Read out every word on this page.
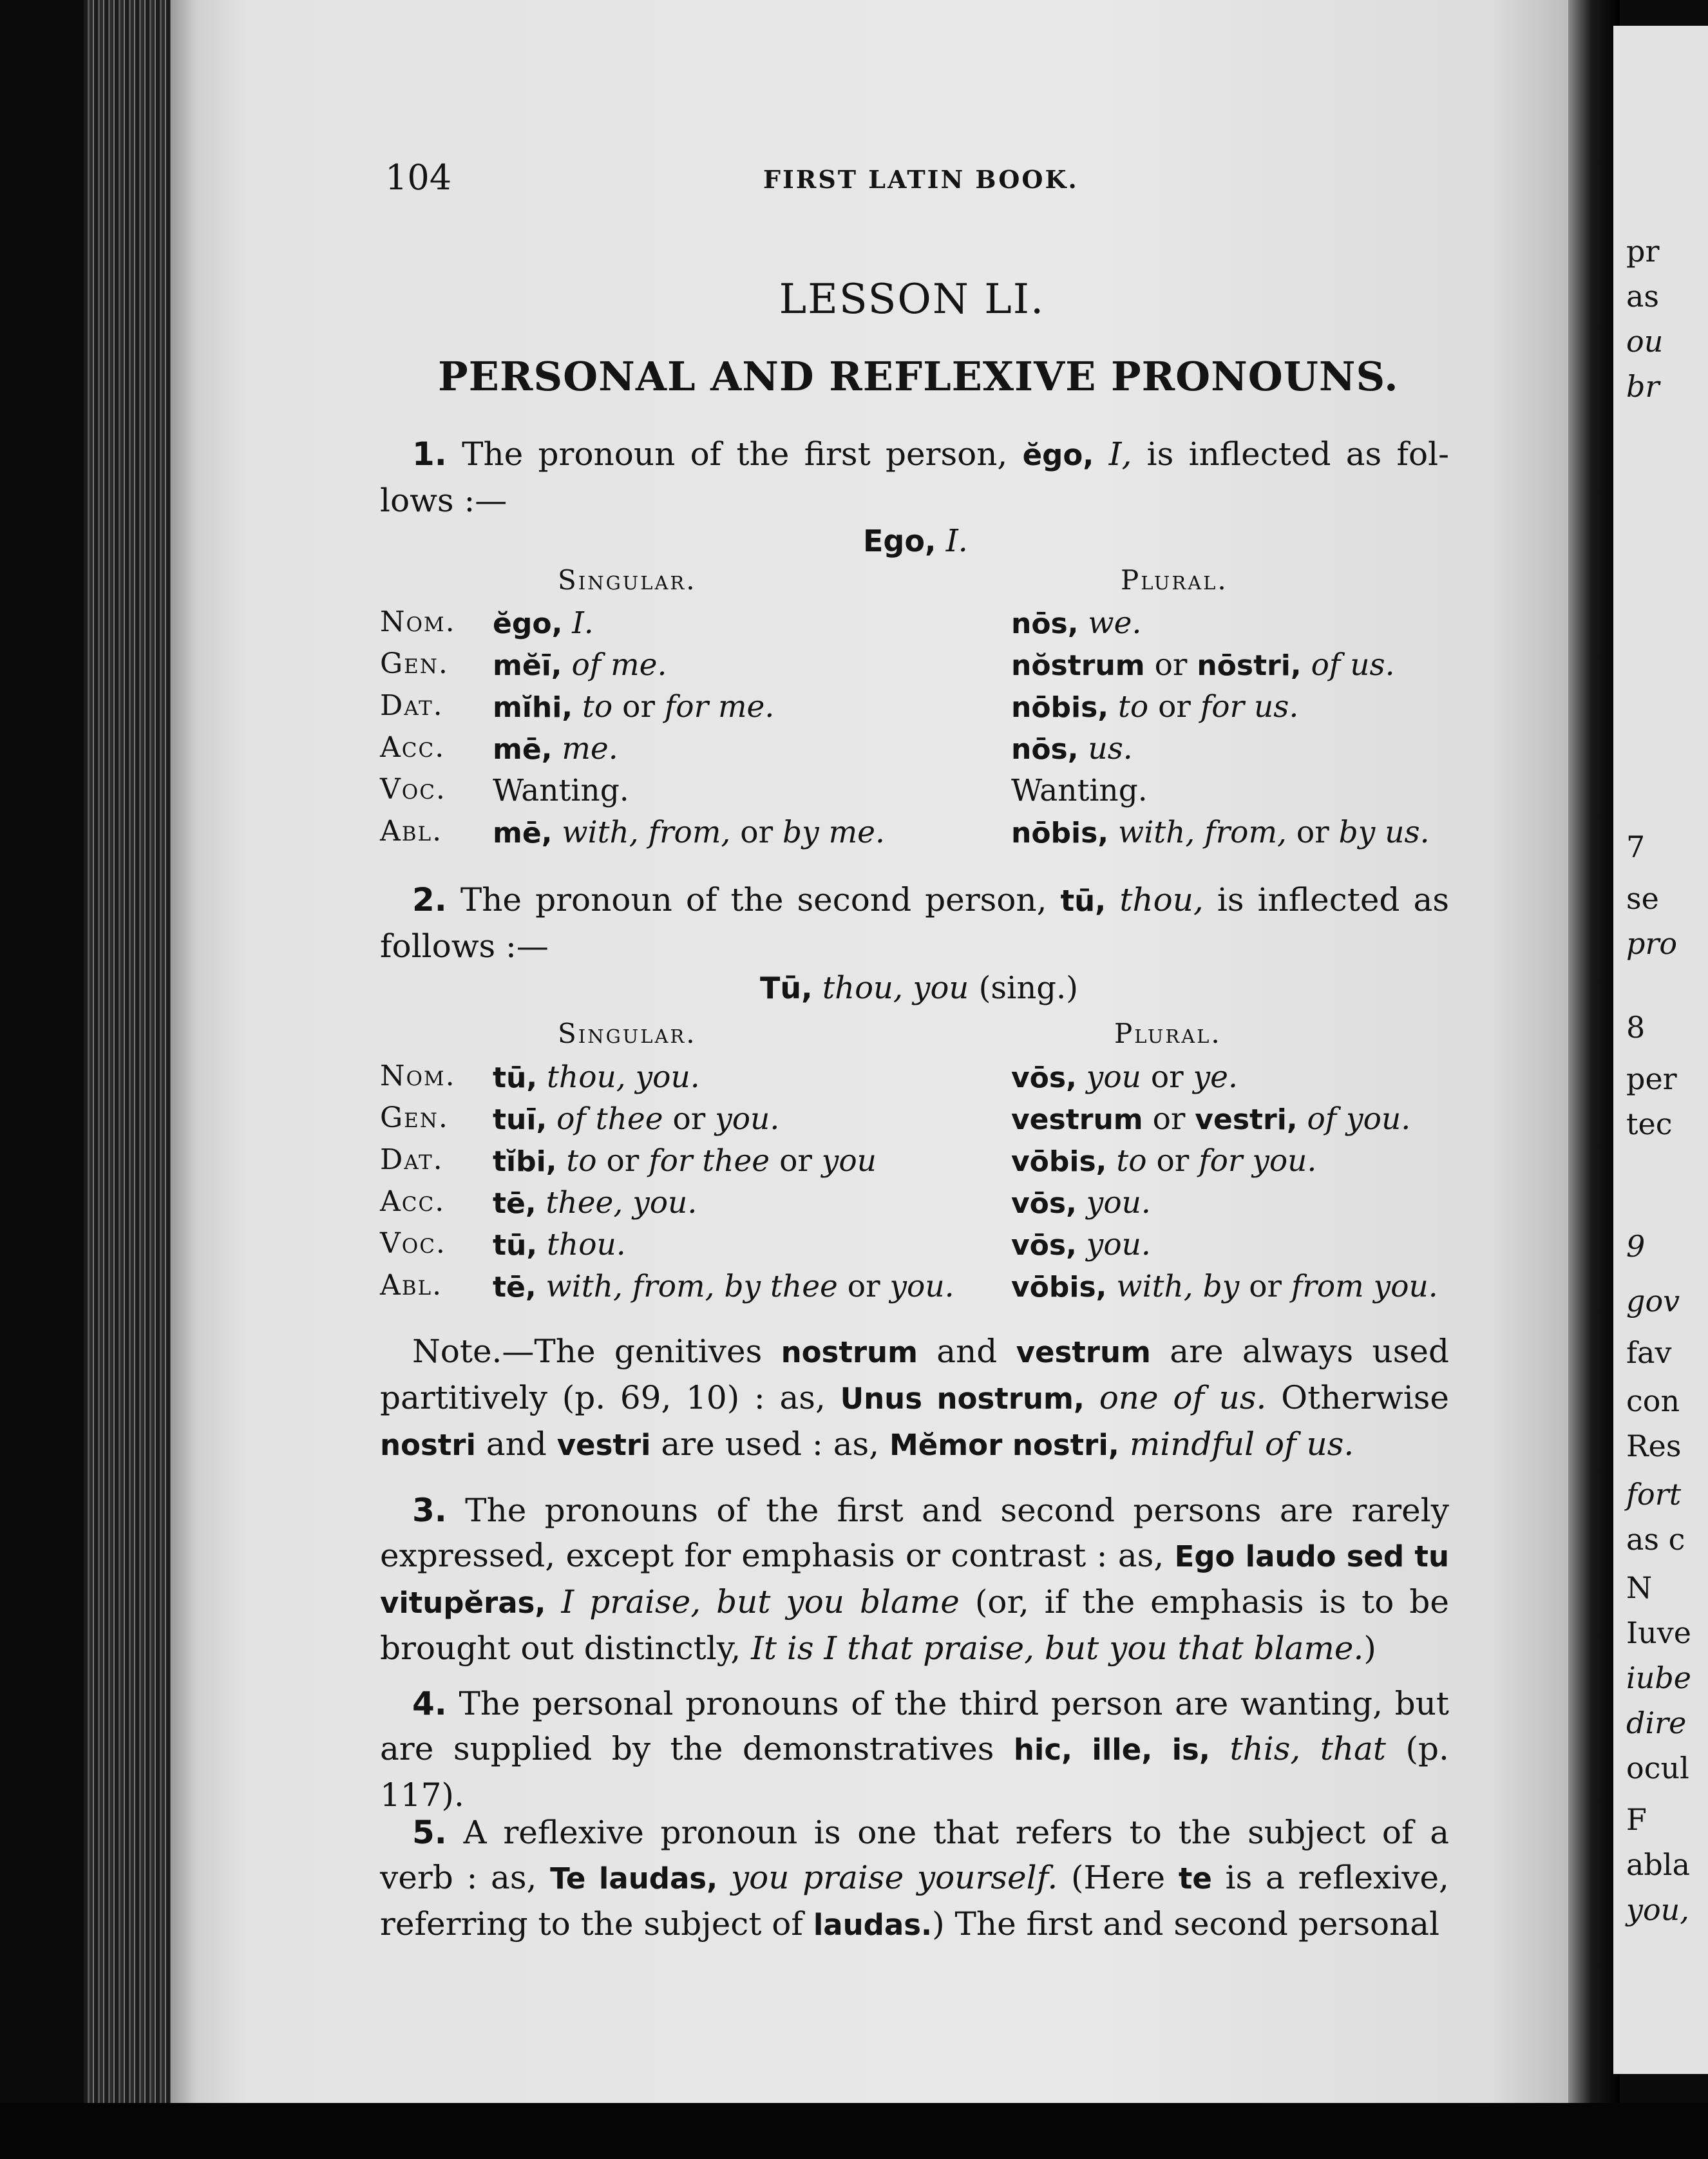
pr
as
ou
br
7
se
pro
8
per
tec
9
gov
fav
con
Res
fort
as c
N
Iuve
iube
dire
ocul
F
abla
you,
104	FIRST LATIN BOOK.
LESSON LI.
PERSONAL AND REFLEXIVE PRONOUNS.
1. The pronoun of the first person, ĕgo, I, is inflected as fol- lows :—
Ego, I.
Singular.	Plural.
Nom. ĕgo, I.	nōs, we.
Gen. mĕī, of me.	nŏstrum or nōstri, of us.
Dat. mĭhi, to or for me.	nōbis, to or for us.
Acc. mē, me.	nōs, us.
Voc. Wanting.	Wanting.
Abl. mē, with, from, or by me.	nōbis, with, from, or by us.
2. The pronoun of the second person, tū, thou, is inflected as follows :—
Tū, thou, you (sing.)
Singular.	Plural.
Nom. tū, thou, you.	vōs, you or ye.
Gen. tuī, of thee or you.	vestrum or vestri, of you.
Dat. tĭbi, to or for thee or you	vōbis, to or for you.
Acc. tē, thee, you.	vōs, you.
Voc. tū, thou.	vōs, you.
Abl. tē, with, from, by thee or you. vōbis, with, by or from you.
Note.—The genitives nostrum and vestrum are always used partitively (p. 69, 10) : as, Unus nostrum, one of us. Otherwise nostri and vestri are used : as, Mĕmor nostri, mindful of us.
3. The pronouns of the first and second persons are rarely expressed, except for emphasis or contrast : as, Ego laudo sed tu vitupĕras, I praise, but you blame (or, if the emphasis is to be brought out distinctly, It is I that praise, but you that blame.)
4. The personal pronouns of the third person are wanting, but are supplied by the demonstratives hic, ille, is, this, that (p. 117).
5. A reflexive pronoun is one that refers to the subject of a verb : as, Te laudas, you praise yourself. (Here te is a reflexive, referring to the subject of laudas.) The first and second personal
